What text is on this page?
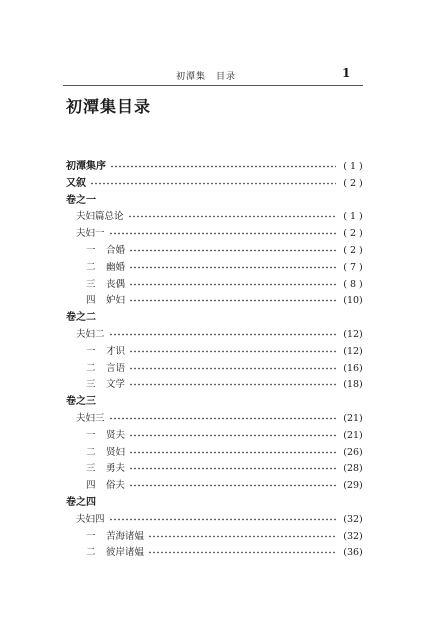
初潭集　目录	1
初潭集目录
初潭集序	( 1 )
又叙	( 2 )
卷之一
夫妇篇总论	( 1 )
夫妇一	( 2 )
一 合婚	( 2 )
二 幽婚	( 7 )
三 丧偶	( 8 )
四 妒妇	(10)
卷之二
夫妇二	(12)
一 才识	(12)
二 言语	(16)
三 文学	(18)
卷之三
夫妇三	(21)
一 贤夫	(21)
二 贤妇	(26)
三 勇夫	(28)
四 俗夫	(29)
卷之四
夫妇四	(32)
一 苦海诸媪	(32)
二 彼岸诸媪	(36)
